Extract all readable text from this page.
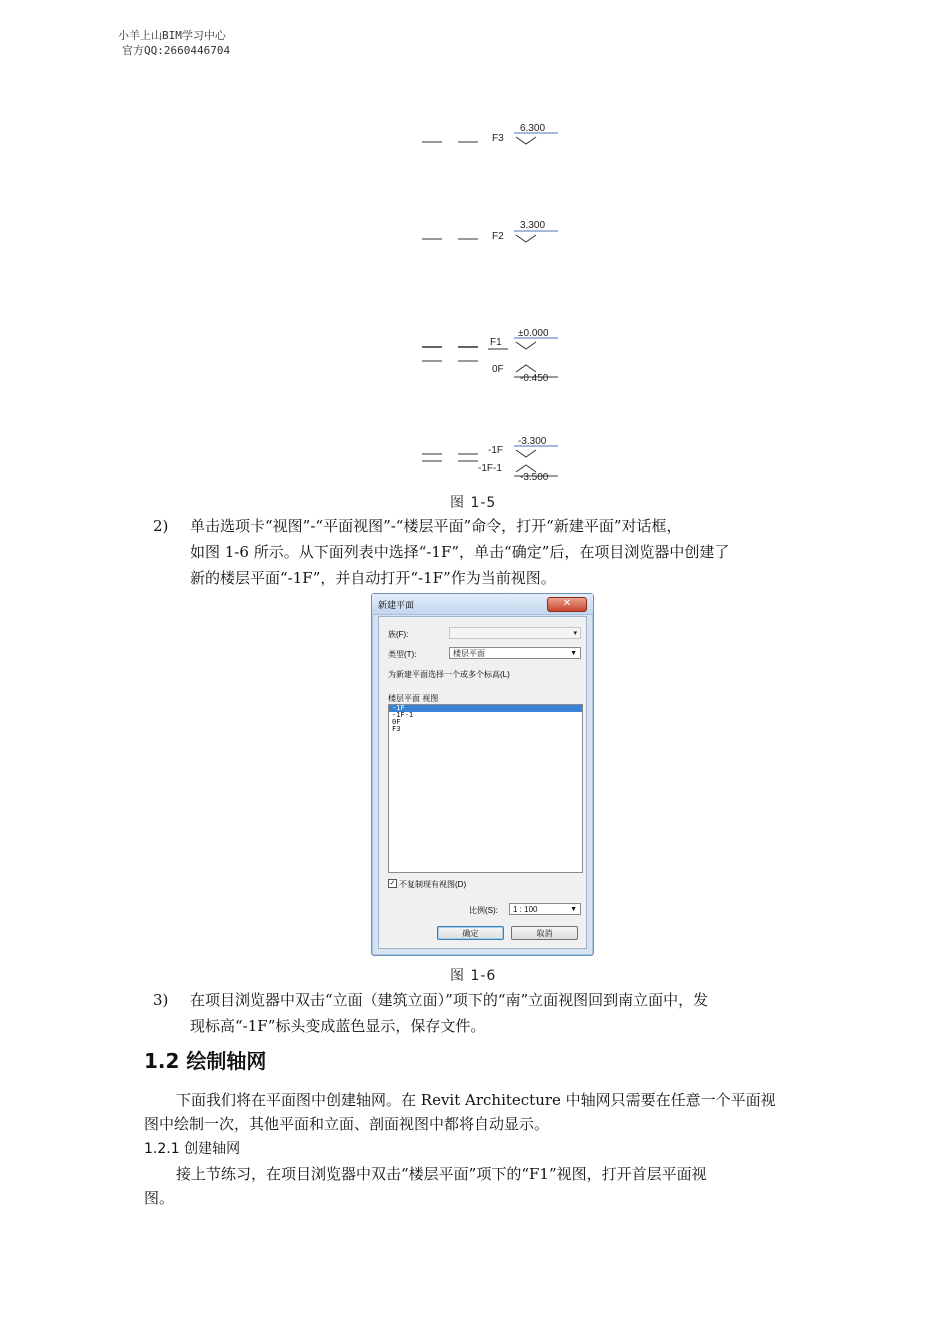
小羊上山BIM学习中心
官方QQ:2660446704
F3
6.300
F2
3.300
F1
±0.000
0F
-0.450
-1F
-3.300
-1F-1
-3.500
图 1-5
2) 单击选项卡“视图”-“平面视图”-“楼层平面”命令，打开“新建平面”对话框，
如图 1-6 所示。从下面列表中选择“-1F”，单击“确定”后，在项目浏览器中创建了
新的楼层平面“-1F”，并自动打开“-1F”作为当前视图。
新建平面	✕
族(F):	▾
类型(T):	楼层平面	▼
为新建平面选择一个或多个标高(L)
楼层平面 视图
-1F
-1F-1
0F
F3
✓ 不复制现有视图(D)
比例(S):	1 : 100	▼
确定	取消
图 1-6
3) 在项目浏览器中双击“立面（建筑立面）”项下的“南”立面视图回到南立面中，发
现标高“-1F”标头变成蓝色显示，保存文件。
1.2 绘制轴网
下面我们将在平面图中创建轴网。在 Revit Architecture 中轴网只需要在任意一个平面视
图中绘制一次，其他平面和立面、剖面视图中都将自动显示。
1.2.1 创建轴网
接上节练习，在项目浏览器中双击“楼层平面”项下的“F1”视图，打开首层平面视
图。
